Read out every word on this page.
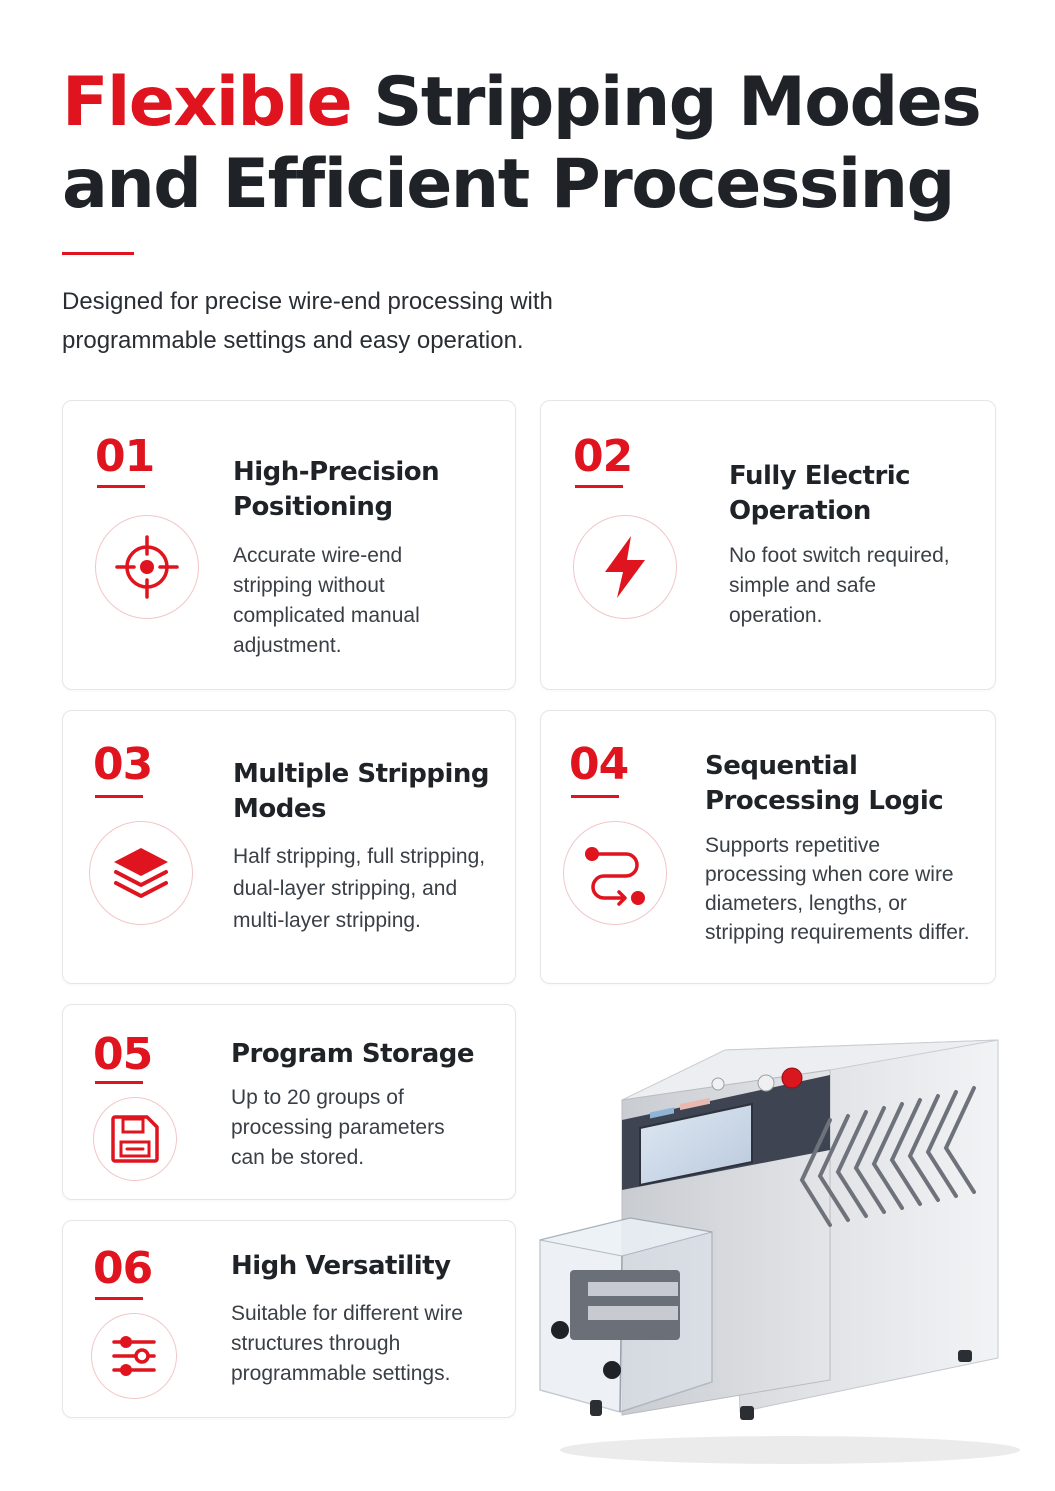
Flexible Stripping Modes and Efficient Processing

Designed for precise wire-end processing with programmable settings and easy operation.

01	High-Precision Positioning
Accurate wire-end stripping without complicated manual adjustment.
02	Fully Electric Operation
No foot switch required, simple and safe operation.
03	Multiple Stripping Modes
Half stripping, full stripping, dual-layer stripping, and multi-layer stripping.
04	Sequential Processing Logic
Supports repetitive processing when core wire diameters, lengths, or stripping requirements differ.
05	Program Storage
Up to 20 groups of processing parameters can be stored.
06	High Versatility
Suitable for different wire structures through programmable settings.
